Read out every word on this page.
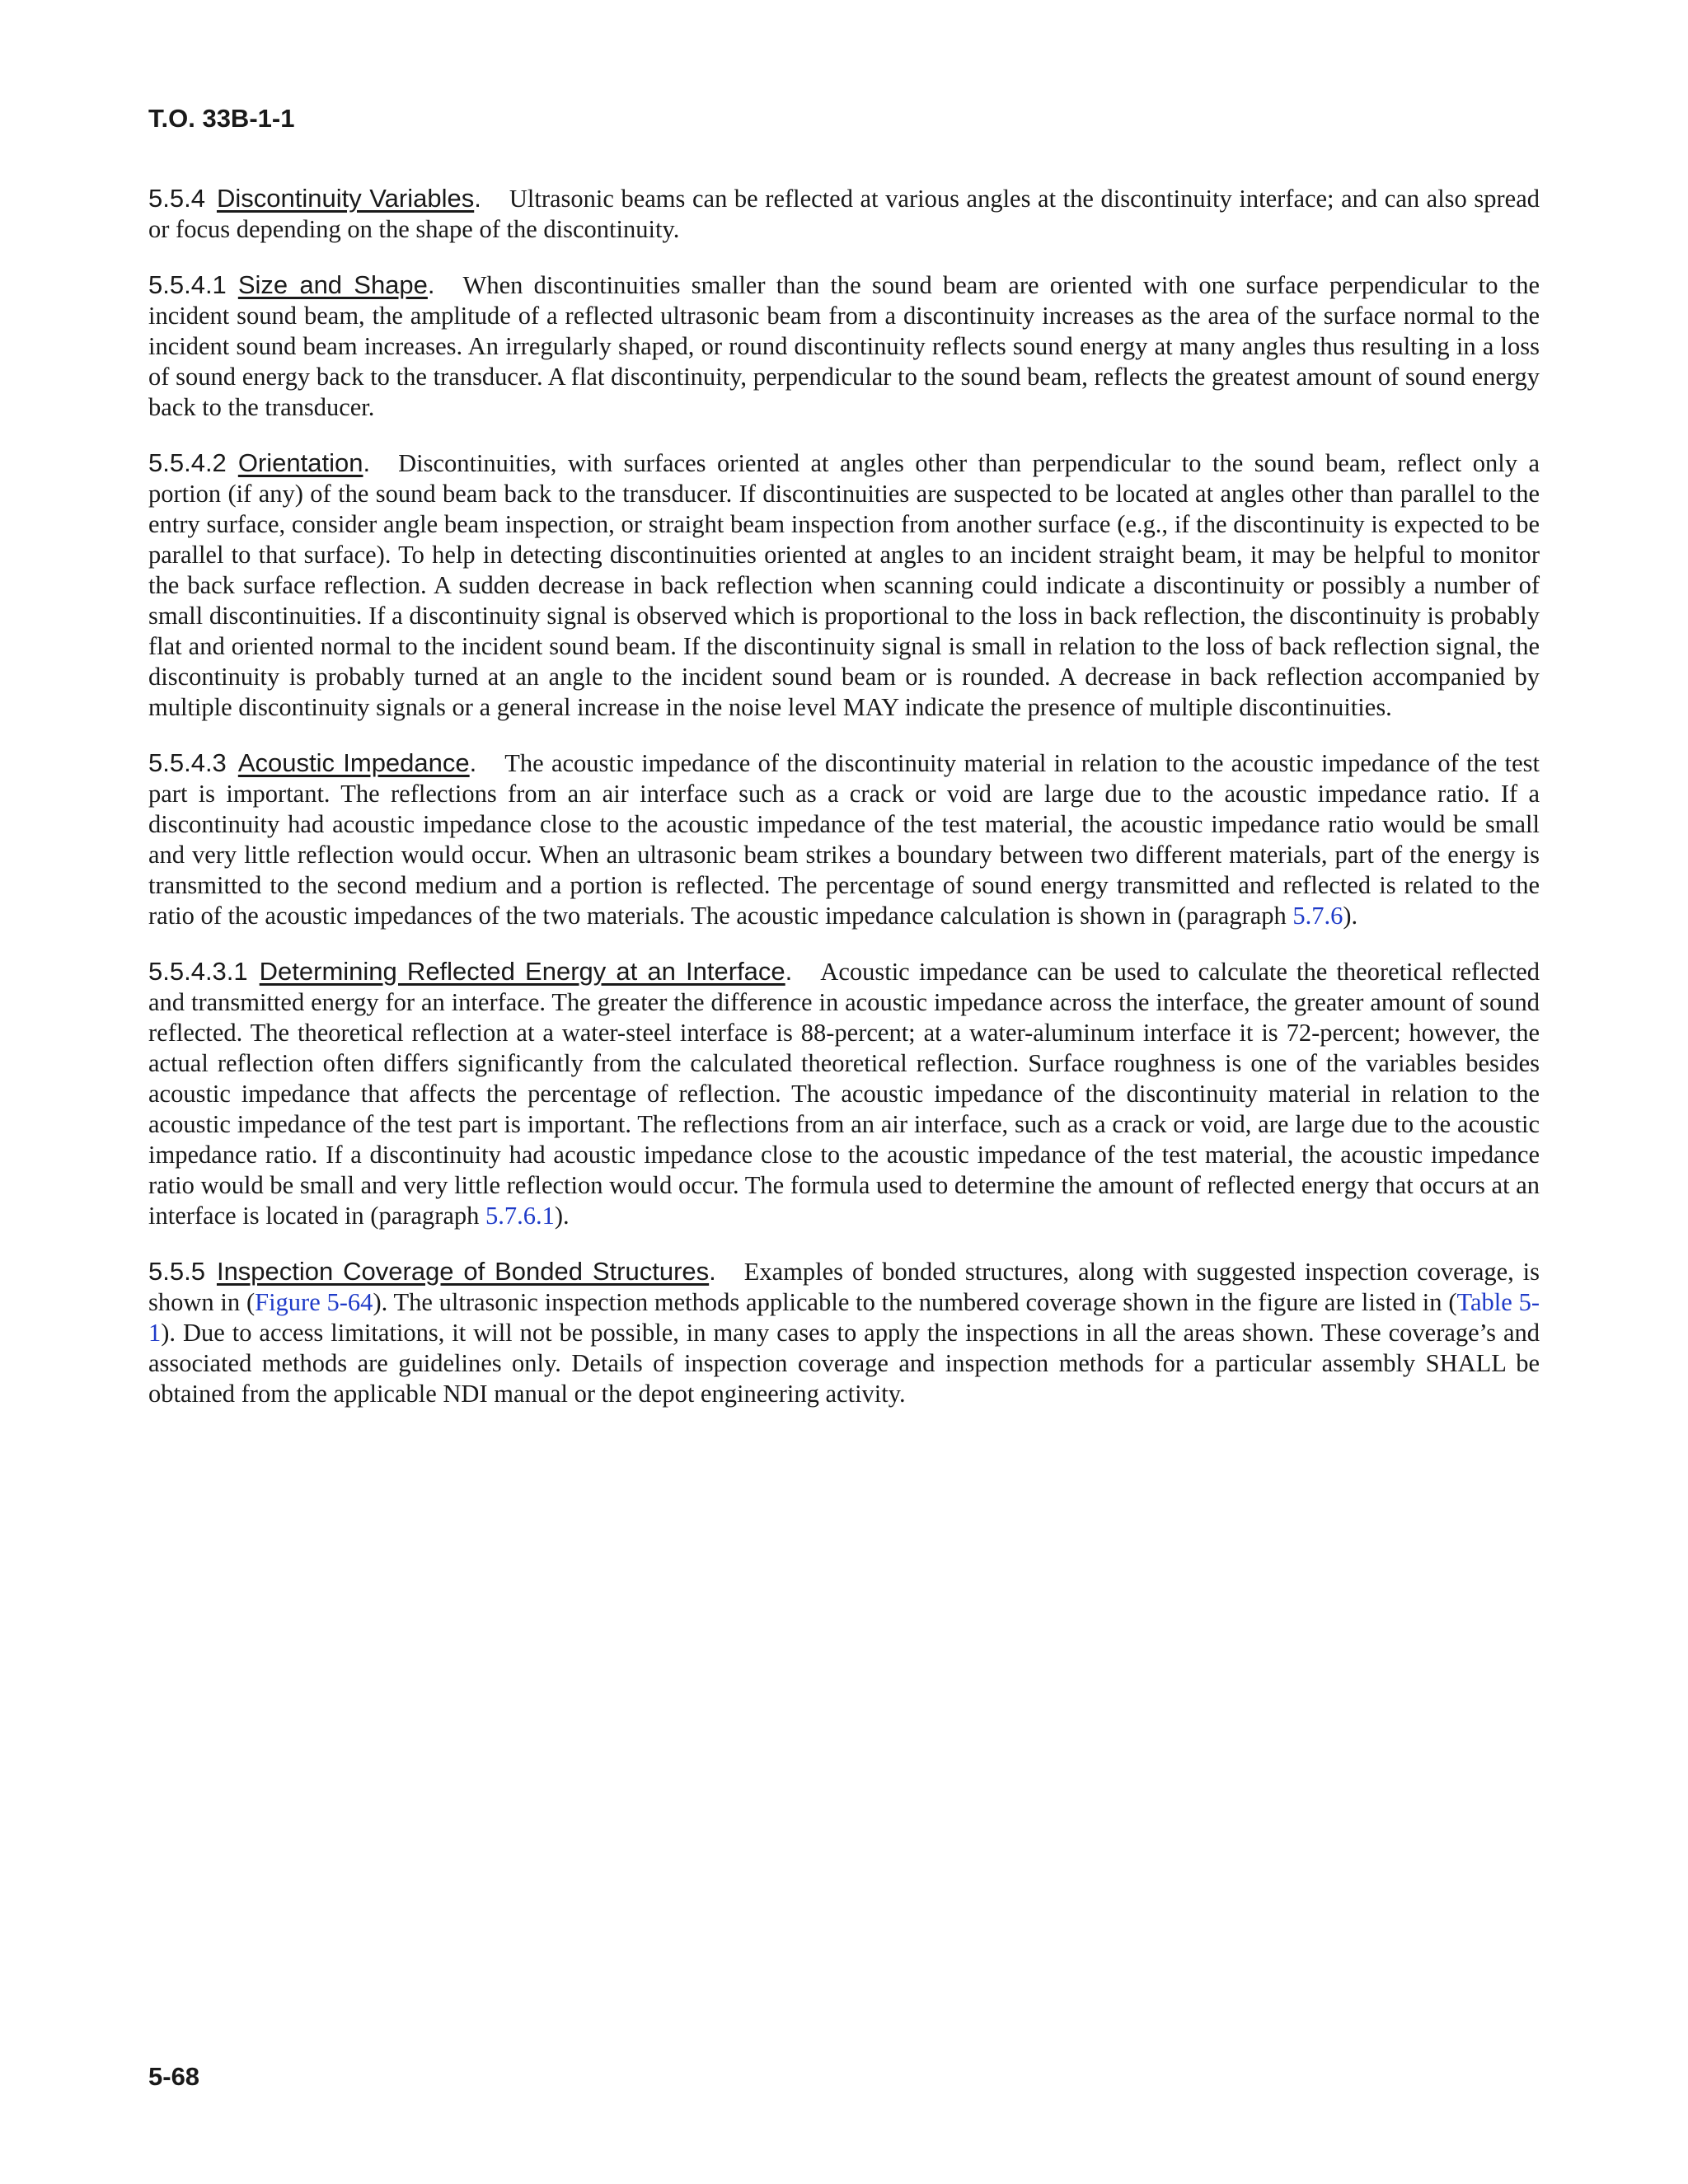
T.O. 33B-1-1

5.5.4 Discontinuity Variables. Ultrasonic beams can be reflected at various angles at the discontinuity interface; and can also spread or focus depending on the shape of the discontinuity.

5.5.4.1 Size and Shape. When discontinuities smaller than the sound beam are oriented with one surface perpendicular to the incident sound beam, the amplitude of a reflected ultrasonic beam from a discontinuity increases as the area of the surface normal to the incident sound beam increases. An irregularly shaped, or round discontinuity reflects sound energy at many angles thus resulting in a loss of sound energy back to the transducer. A flat discontinuity, perpendicular to the sound beam, reflects the greatest amount of sound energy back to the transducer.

5.5.4.2 Orientation. Discontinuities, with surfaces oriented at angles other than perpendicular to the sound beam, reflect only a portion (if any) of the sound beam back to the transducer. If discontinuities are suspected to be located at angles other than parallel to the entry surface, consider angle beam inspection, or straight beam inspection from another surface (e.g., if the discontinuity is expected to be parallel to that surface). To help in detecting discontinuities oriented at angles to an incident straight beam, it may be helpful to monitor the back surface reflection. A sudden decrease in back reflection when scanning could indicate a discontinuity or possibly a number of small discontinuities. If a discontinuity signal is observed which is proportional to the loss in back reflection, the discontinuity is probably flat and oriented normal to the incident sound beam. If the discontinuity signal is small in relation to the loss of back reflection signal, the discontinuity is probably turned at an angle to the incident sound beam or is rounded. A decrease in back reflection accompanied by multiple discontinuity signals or a general increase in the noise level MAY indicate the presence of multiple discontinuities.

5.5.4.3 Acoustic Impedance. The acoustic impedance of the discontinuity material in relation to the acoustic impedance of the test part is important. The reflections from an air interface such as a crack or void are large due to the acoustic impedance ratio. If a discontinuity had acoustic impedance close to the acoustic impedance of the test material, the acoustic impedance ratio would be small and very little reflection would occur. When an ultrasonic beam strikes a boundary between two different materials, part of the energy is transmitted to the second medium and a portion is reflected. The percentage of sound energy transmitted and reflected is related to the ratio of the acoustic impedances of the two materials. The acoustic impedance calculation is shown in (paragraph 5.7.6).

5.5.4.3.1 Determining Reflected Energy at an Interface. Acoustic impedance can be used to calculate the theoretical reflected and transmitted energy for an interface. The greater the difference in acoustic impedance across the interface, the greater amount of sound reflected. The theoretical reflection at a water-steel interface is 88-percent; at a water-aluminum interface it is 72-percent; however, the actual reflection often differs significantly from the calculated theoretical reflection. Surface roughness is one of the variables besides acoustic impedance that affects the percentage of reflection. The acoustic impedance of the discontinuity material in relation to the acoustic impedance of the test part is important. The reflections from an air interface, such as a crack or void, are large due to the acoustic impedance ratio. If a discontinuity had acoustic impedance close to the acoustic impedance of the test material, the acoustic impedance ratio would be small and very little reflection would occur. The formula used to determine the amount of reflected energy that occurs at an interface is located in (paragraph 5.7.6.1).

5.5.5 Inspection Coverage of Bonded Structures. Examples of bonded structures, along with suggested inspection coverage, is shown in (Figure 5-64). The ultrasonic inspection methods applicable to the numbered coverage shown in the figure are listed in (Table 5-1). Due to access limitations, it will not be possible, in many cases to apply the inspections in all the areas shown. These coverage’s and associated methods are guidelines only. Details of inspection coverage and inspection methods for a particular assembly SHALL be obtained from the applicable NDI manual or the depot engineering activity.

5-68
